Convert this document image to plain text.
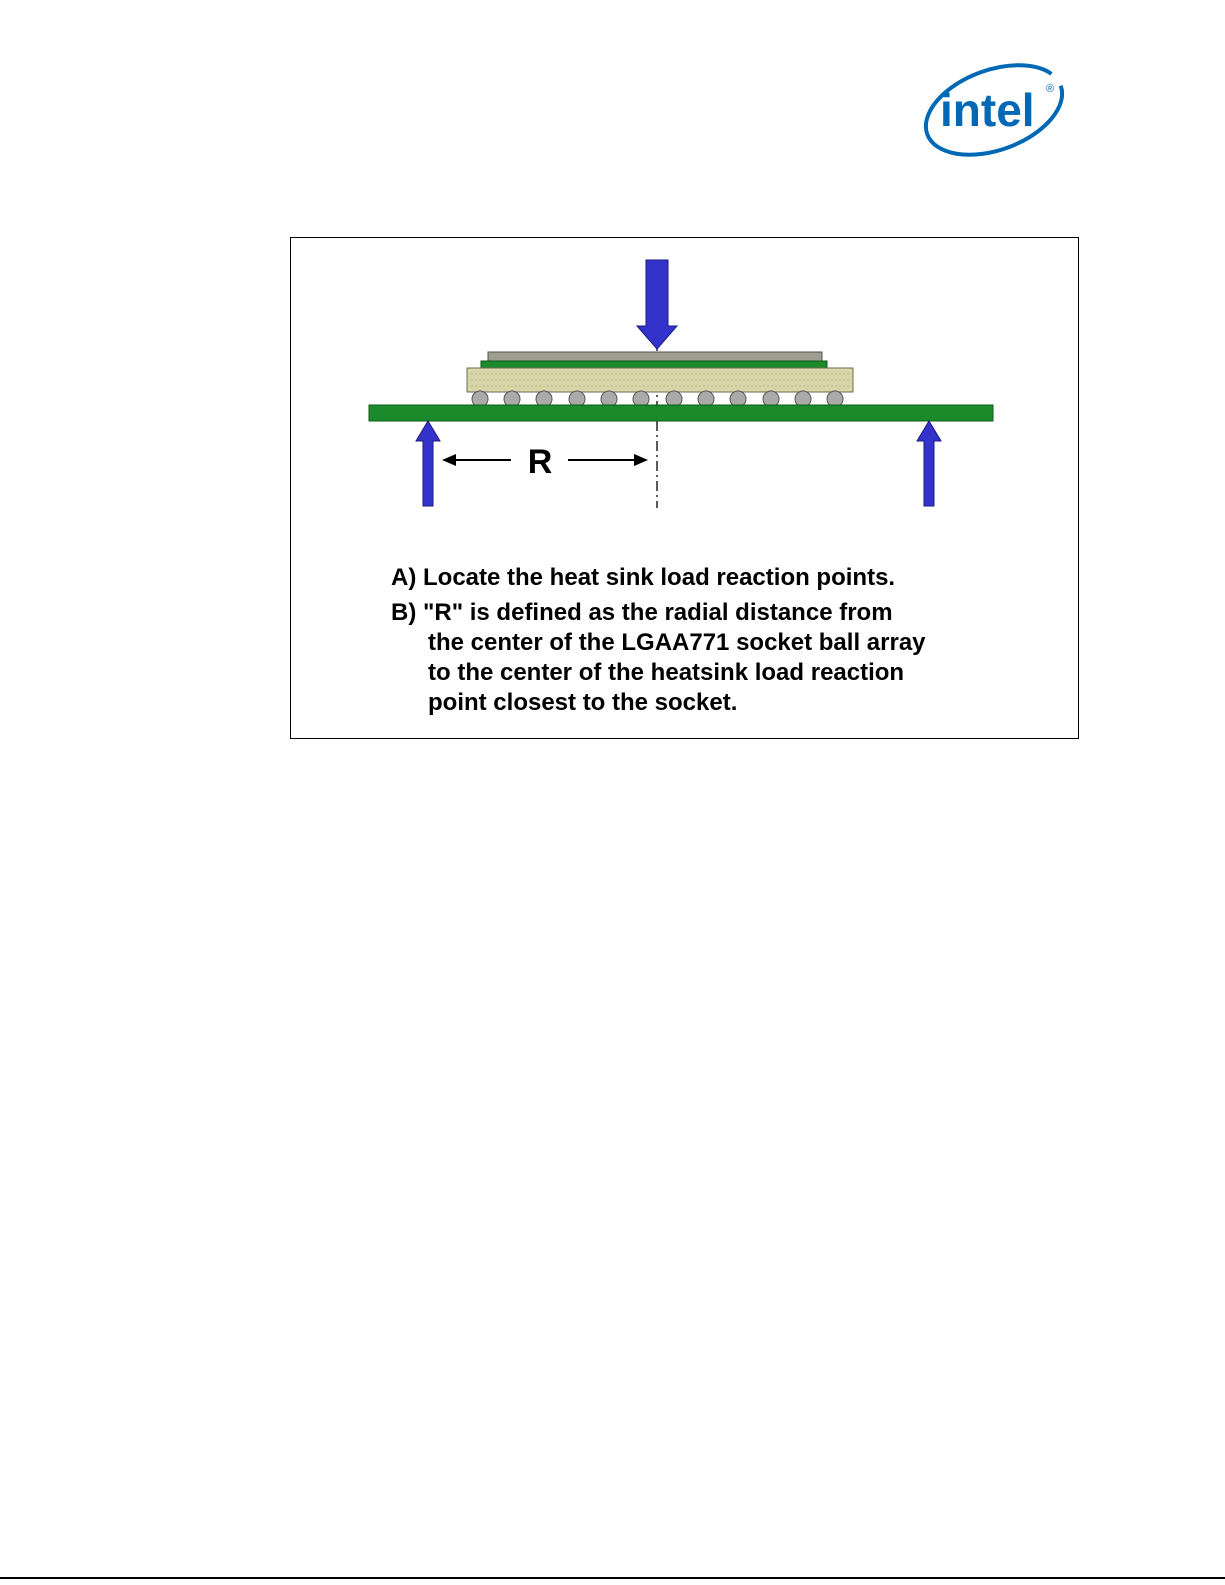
intel ®
R
A) Locate the heat sink load reaction points.
B) "R" is defined as the radial distance from
the center of the LGAA771 socket ball array
to the center of the heatsink load reaction
point closest to the socket.
